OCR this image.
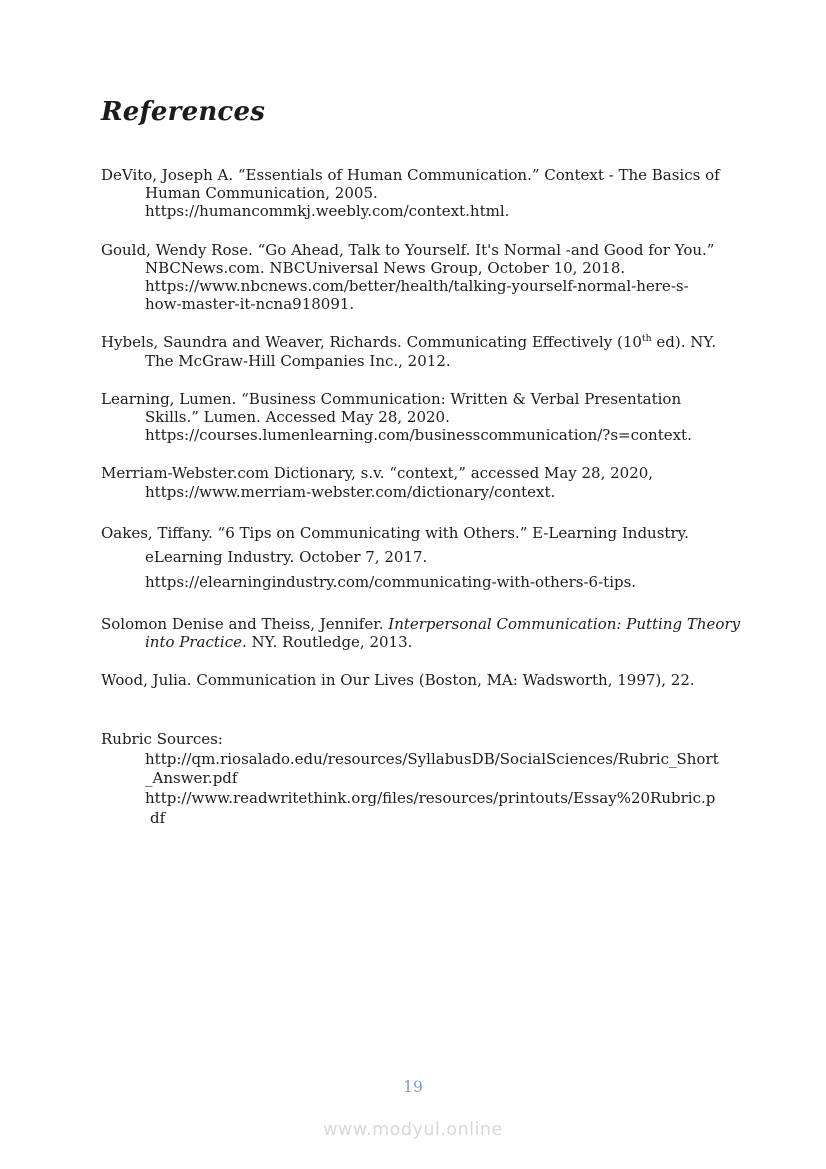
References
DeVito, Joseph A. “Essentials of Human Communication.” Context - The Basics of
Human Communication, 2005.
https://humancommkj.weebly.com/context.html.
Gould, Wendy Rose. “Go Ahead, Talk to Yourself. It's Normal -and Good for You.”
NBCNews.com. NBCUniversal News Group, October 10, 2018.
https://www.nbcnews.com/better/health/talking-yourself-normal-here-s-
how-master-it-ncna918091.
Hybels, Saundra and Weaver, Richards. Communicating Effectively (10th ed). NY.
The McGraw-Hill Companies Inc., 2012.
Learning, Lumen. “Business Communication: Written & Verbal Presentation
Skills.” Lumen. Accessed May 28, 2020.
https://courses.lumenlearning.com/businesscommunication/?s=context.
Merriam-Webster.com Dictionary, s.v. “context,” accessed May 28, 2020,
https://www.merriam-webster.com/dictionary/context.
Oakes, Tiffany. “6 Tips on Communicating with Others.” E-Learning Industry.
eLearning Industry. October 7, 2017.
https://elearningindustry.com/communicating-with-others-6-tips.
Solomon Denise and Theiss, Jennifer. Interpersonal Communication: Putting Theory
into Practice. NY. Routledge, 2013.
Wood, Julia. Communication in Our Lives (Boston, MA: Wadsworth, 1997), 22.
Rubric Sources:
http://qm.riosalado.edu/resources/SyllabusDB/SocialSciences/Rubric_Short
_Answer.pdf
http://www.readwritethink.org/files/resources/printouts/Essay%20Rubric.p
df
19
www.modyul.online
